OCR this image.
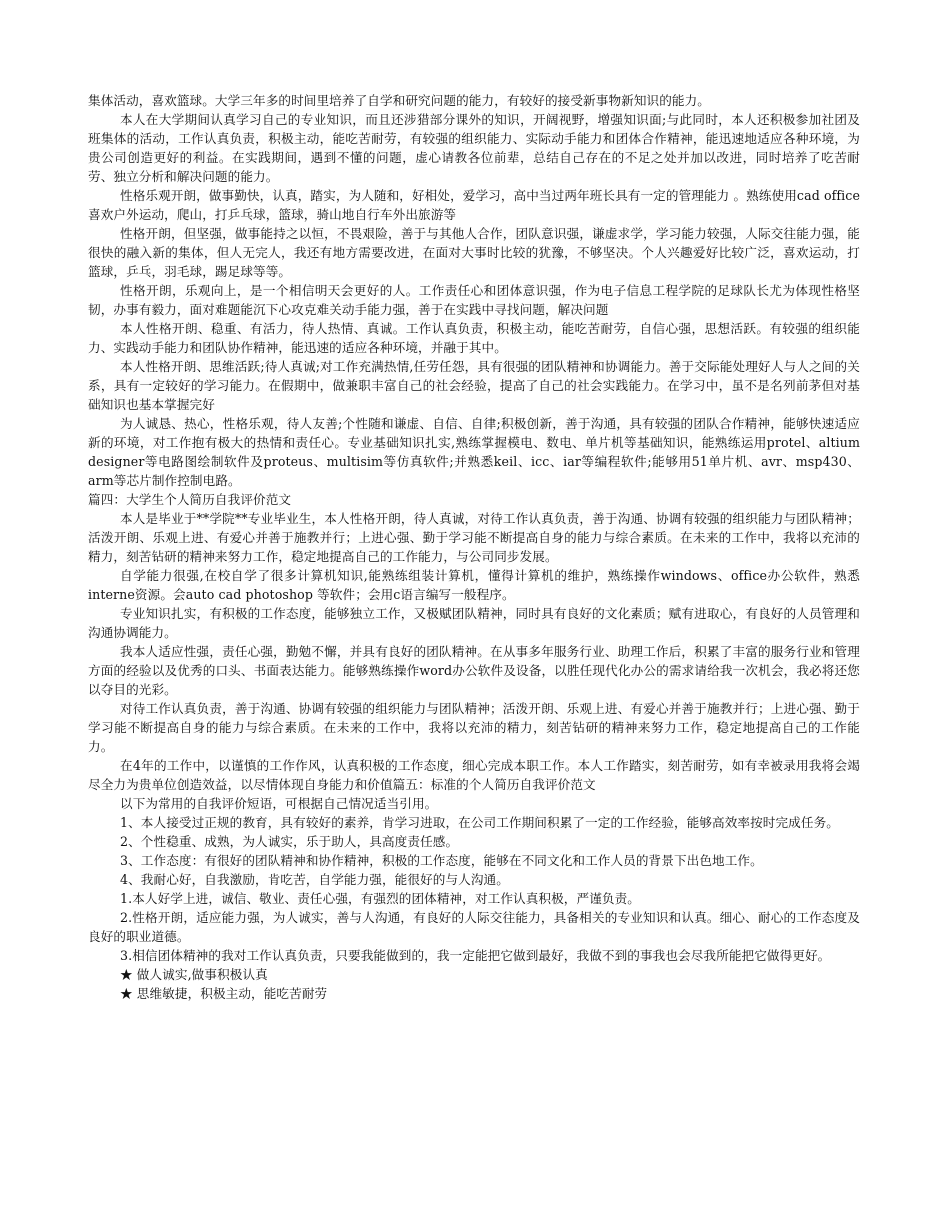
集体活动，喜欢篮球。大学三年多的时间里培养了自学和研究问题的能力，有较好的接受新事物新知识的能力。

本人在大学期间认真学习自己的专业知识，而且还涉猎部分课外的知识，开阔视野，增强知识面;与此同时，本人还积极参加社团及班集体的活动，工作认真负责，积极主动，能吃苦耐劳，有较强的组织能力、实际动手能力和团体合作精神，能迅速地适应各种环境，为贵公司创造更好的利益。在实践期间，遇到不懂的问题，虚心请教各位前辈，总结自己存在的不足之处并加以改进，同时培养了吃苦耐劳、独立分析和解决问题的能力。

性格乐观开朗，做事勤快，认真，踏实，为人随和，好相处，爱学习，高中当过两年班长具有一定的管理能力 。熟练使用cad office 喜欢户外运动，爬山，打乒乓球，篮球，骑山地自行车外出旅游等

性格开朗，但坚强，做事能持之以恒，不畏艰险，善于与其他人合作，团队意识强，谦虚求学，学习能力较强，人际交往能力强，能很快的融入新的集体，但人无完人，我还有地方需要改进，在面对大事时比较的犹豫，不够坚决。个人兴趣爱好比较广泛，喜欢运动，打篮球，乒乓，羽毛球，踢足球等等。

性格开朗，乐观向上，是一个相信明天会更好的人。工作责任心和团体意识强，作为电子信息工程学院的足球队长尤为体现性格坚韧，办事有毅力，面对难题能沉下心攻克难关动手能力强，善于在实践中寻找问题，解决问题

本人性格开朗、稳重、有活力，待人热情、真诚。工作认真负责，积极主动，能吃苦耐劳，自信心强，思想活跃。有较强的组织能力、实践动手能力和团队协作精神，能迅速的适应各种环境，并融于其中。

本人性格开朗、思维活跃;待人真诚;对工作充满热情,任劳任怨，具有很强的团队精神和协调能力。善于交际能处理好人与人之间的关系，具有一定较好的学习能力。在假期中，做兼职丰富自己的社会经验，提高了自己的社会实践能力。在学习中，虽不是名列前茅但对基础知识也基本掌握完好

为人诚恳、热心，性格乐观，待人友善;个性随和谦虚、自信、自律;积极创新，善于沟通，具有较强的团队合作精神，能够快速适应新的环境，对工作抱有极大的热情和责任心。专业基础知识扎实,熟练掌握模电、数电、单片机等基础知识，能熟练运用protel、altium designer等电路图绘制软件及proteus、multisim等仿真软件;并熟悉keil、icc、iar等编程软件;能够用51单片机、avr、msp430、arm等芯片制作控制电路。

篇四：大学生个人简历自我评价范文

本人是毕业于**学院**专业毕业生，本人性格开朗，待人真诚，对待工作认真负责，善于沟通、协调有较强的组织能力与团队精神；活泼开朗、乐观上进、有爱心并善于施教并行；上进心强、勤于学习能不断提高自身的能力与综合素质。在未来的工作中，我将以充沛的精力，刻苦钻研的精神来努力工作，稳定地提高自己的工作能力，与公司同步发展。

自学能力很强,在校自学了很多计算机知识,能熟练组装计算机，懂得计算机的维护，熟练操作windows、office办公软件，熟悉interne资源。会auto cad photoshop 等软件；会用c语言编写一般程序。

专业知识扎实，有积极的工作态度，能够独立工作，又极赋团队精神，同时具有良好的文化素质；赋有进取心，有良好的人员管理和沟通协调能力。

我本人适应性强，责任心强，勤勉不懈，并具有良好的团队精神。在从事多年服务行业、助理工作后，积累了丰富的服务行业和管理方面的经验以及优秀的口头、书面表达能力。能够熟练操作word办公软件及设备，以胜任现代化办公的需求请给我一次机会，我必将还您以夺目的光彩。

对待工作认真负责，善于沟通、协调有较强的组织能力与团队精神；活泼开朗、乐观上进、有爱心并善于施教并行；上进心强、勤于学习能不断提高自身的能力与综合素质。在未来的工作中，我将以充沛的精力，刻苦钻研的精神来努力工作，稳定地提高自己的工作能力。

在4年的工作中，以谨慎的工作作风，认真积极的工作态度，细心完成本职工作。本人工作踏实，刻苦耐劳，如有幸被录用我将会竭尽全力为贵单位创造效益，以尽情体现自身能力和价值篇五：标准的个人简历自我评价范文

以下为常用的自我评价短语，可根据自己情况适当引用。

1、本人接受过正规的教育，具有较好的素养，肯学习进取，在公司工作期间积累了一定的工作经验，能够高效率按时完成任务。

2、个性稳重、成熟，为人诚实，乐于助人，具高度责任感。

3、工作态度：有很好的团队精神和协作精神，积极的工作态度，能够在不同文化和工作人员的背景下出色地工作。

4、我耐心好，自我激励，肯吃苦，自学能力强，能很好的与人沟通。

1.本人好学上进，诚信、敬业、责任心强，有强烈的团体精神，对工作认真积极，严谨负责。

2.性格开朗，适应能力强，为人诚实，善与人沟通，有良好的人际交往能力，具备相关的专业知识和认真。细心、耐心的工作态度及良好的职业道德。

3.相信团体精神的我对工作认真负责，只要我能做到的，我一定能把它做到最好，我做不到的事我也会尽我所能把它做得更好。

★ 做人诚实,做事积极认真

★ 思维敏捷，积极主动，能吃苦耐劳
